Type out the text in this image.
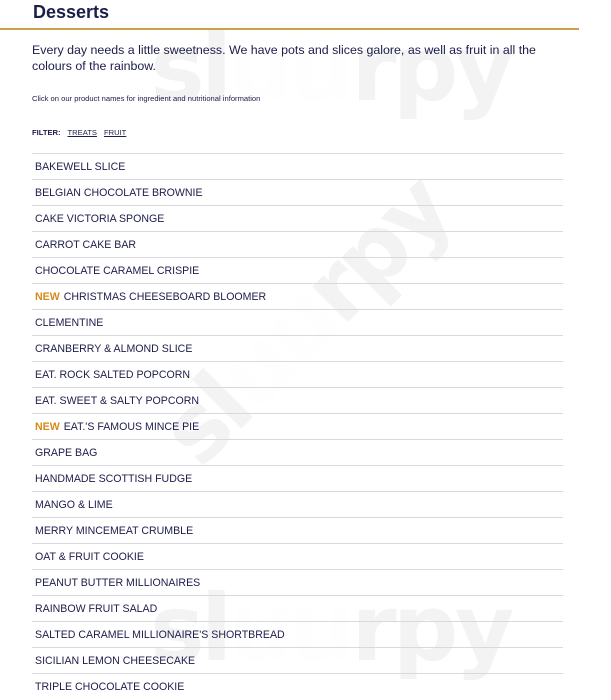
Desserts

Every day needs a little sweetness. We have pots and slices galore, as well as fruit in all the colours of the rainbow.

Click on our product names for ingredient and nutritional information
FILTER: TREATS FRUIT
BAKEWELL SLICE
BELGIAN CHOCOLATE BROWNIE
CAKE VICTORIA SPONGE
CARROT CAKE BAR
CHOCOLATE CARAMEL CRISPIE
NEW CHRISTMAS CHEESEBOARD BLOOMER
CLEMENTINE
CRANBERRY & ALMOND SLICE
EAT. ROCK SALTED POPCORN
EAT. SWEET & SALTY POPCORN
NEW EAT.'S FAMOUS MINCE PIE
GRAPE BAG
HANDMADE SCOTTISH FUDGE
MANGO & LIME
MERRY MINCEMEAT CRUMBLE
OAT & FRUIT COOKIE
PEANUT BUTTER MILLIONAIRES
RAINBOW FRUIT SALAD
SALTED CARAMEL MILLIONAIRE'S SHORTBREAD
SICILIAN LEMON CHEESECAKE
TRIPLE CHOCOLATE COOKIE
